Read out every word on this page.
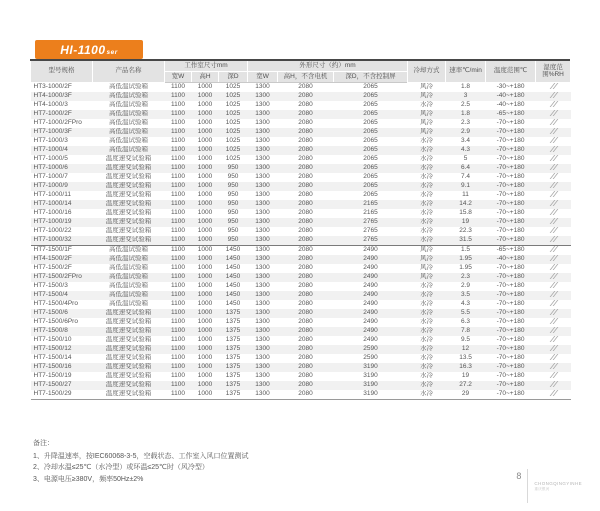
HI-1100 ser
型号规格	产品名称	工作室尺寸mm			外形尺寸（约）mm			冷却方式	速率℃/min	温度范围℃	湿度范围%RH
		宽W	高H	深D	宽W	高H，不含电机	深D，不含控制屏				
HT3-1000/2F	高低温试验箱	1100	1000	1025	1300	2080	2065	风冷	1.8	-30~+180	
HT4-1000/3F	高低温试验箱	1100	1000	1025	1300	2080	2065	风冷	3	-40~+180	
HT4-1000/3	高低温试验箱	1100	1000	1025	1300	2080	2065	水冷	2.5	-40~+180	
HT7-1000/2F	高低温试验箱	1100	1000	1025	1300	2080	2065	风冷	1.8	-65~+180	
HT7-1000/2FPro	高低温试验箱	1100	1000	1025	1300	2080	2065	风冷	2.3	-70~+180	
HT7-1000/3F	高低温试验箱	1100	1000	1025	1300	2080	2065	风冷	2.9	-70~+180	
HT7-1000/3	高低温试验箱	1100	1000	1025	1300	2080	2065	水冷	3.4	-70~+180	
HT7-1000/4	高低温试验箱	1100	1000	1025	1300	2080	2065	水冷	4.3	-70~+180	
HT7-1000/5	温度速变试验箱	1100	1000	1025	1300	2080	2065	水冷	5	-70~+180	
HT7-1000/6	温度速变试验箱	1100	1000	950	1300	2080	2065	水冷	6.4	-70~+180	
HT7-1000/7	温度速变试验箱	1100	1000	950	1300	2080	2065	水冷	7.4	-70~+180	
HT7-1000/9	温度速变试验箱	1100	1000	950	1300	2080	2065	水冷	9.1	-70~+180	
HT7-1000/11	温度速变试验箱	1100	1000	950	1300	2080	2065	水冷	11	-70~+180	
HT7-1000/14	温度速变试验箱	1100	1000	950	1300	2080	2165	水冷	14.2	-70~+180	
HT7-1000/16	温度速变试验箱	1100	1000	950	1300	2080	2165	水冷	15.8	-70~+180	
HT7-1000/19	温度速变试验箱	1100	1000	950	1300	2080	2765	水冷	19	-70~+180	
HT7-1000/22	温度速变试验箱	1100	1000	950	1300	2080	2765	水冷	22.3	-70~+180	
HT7-1000/32	温度速变试验箱	1100	1000	950	1300	2080	2765	水冷	31.5	-70~+180	
HT7-1500/1F	高低温试验箱	1100	1000	1450	1300	2080	2490	风冷	1.5	-65~+180	
HT4-1500/2F	高低温试验箱	1100	1000	1450	1300	2080	2490	风冷	1.95	-40~+180	
HT7-1500/2F	高低温试验箱	1100	1000	1450	1300	2080	2490	风冷	1.95	-70~+180	
HT7-1500/2FPro	高低温试验箱	1100	1000	1450	1300	2080	2490	风冷	2.3	-70~+180	
HT7-1500/3	高低温试验箱	1100	1000	1450	1300	2080	2490	水冷	2.9	-70~+180	
HT7-1500/4	高低温试验箱	1100	1000	1450	1300	2080	2490	水冷	3.5	-70~+180	
HT7-1500/4Pro	高低温试验箱	1100	1000	1450	1300	2080	2490	水冷	4.3	-70~+180	
HT7-1500/6	温度速变试验箱	1100	1000	1375	1300	2080	2490	水冷	5.5	-70~+180	
HT7-1500/6Pro	温度速变试验箱	1100	1000	1375	1300	2080	2490	水冷	6.3	-70~+180	
HT7-1500/8	温度速变试验箱	1100	1000	1375	1300	2080	2490	水冷	7.8	-70~+180	
HT7-1500/10	温度速变试验箱	1100	1000	1375	1300	2080	2490	水冷	9.5	-70~+180	
HT7-1500/12	温度速变试验箱	1100	1000	1375	1300	2080	2590	水冷	12	-70~+180	
HT7-1500/14	温度速变试验箱	1100	1000	1375	1300	2080	2590	水冷	13.5	-70~+180	
HT7-1500/16	温度速变试验箱	1100	1000	1375	1300	2080	3190	水冷	16.3	-70~+180	
HT7-1500/19	温度速变试验箱	1100	1000	1375	1300	2080	3190	水冷	19	-70~+180	
HT7-1500/27	温度速变试验箱	1100	1000	1375	1300	2080	3190	水冷	27.2	-70~+180	
HT7-1500/29	温度速变试验箱	1100	1000	1375	1300	2080	3190	水冷	29	-70~+180	
备注：
1、升降温速率，按IEC60068-3-5，空载状态、工作室入风口位置测试
2、冷却水温≤25℃（水冷型）或环温≤25℃时（风冷型）
3、电源电压≥380V，频率50Hz±2%	8
CHONGQINGYINHE
重庆银河
